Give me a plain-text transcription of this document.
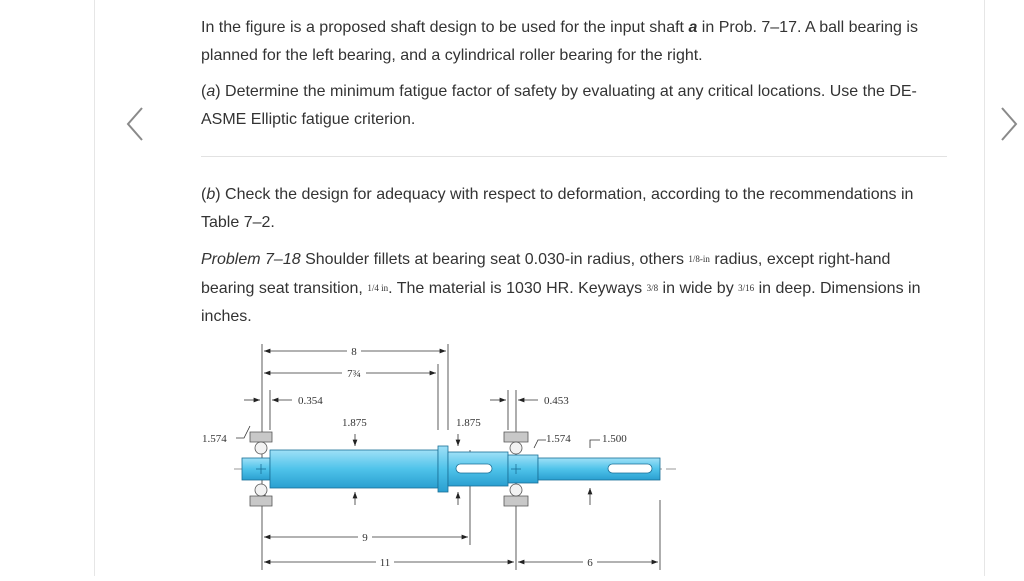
In the figure is a proposed shaft design to be used for the input shaft a in Prob. 7–17. A ball bearing is planned for the left bearing, and a cylindrical roller bearing for the right.

(a) Determine the minimum fatigue factor of safety by evaluating at any critical locations. Use the DE-ASME Elliptic fatigue criterion.

(b) Check the design for adequacy with respect to deformation, according to the recommendations in Table 7–2.

Problem 7–18 Shoulder fillets at bearing seat 0.030-in radius, others 1/8-in radius, except right-hand bearing seat transition, 1/4 in. The material is 1030 HR. Keyways 3/8 in wide by 3/16 in deep. Dimensions in inches.

8
7¾
0.354	0.453
1.875	1.875
1.574	1.574	1.500
9
11	6
